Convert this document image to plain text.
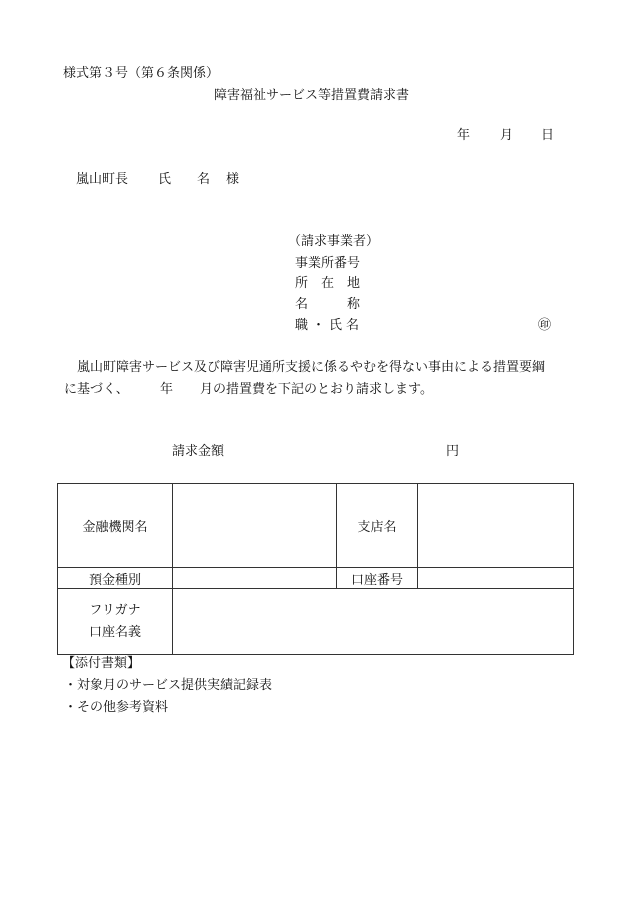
様式第３号（第６条関係）
障害福祉サービス等措置費請求書
年 月 日
嵐山町長 氏　　名 様
（請求事業者）
事業所番号
所　在　地
名　　　称
職・氏名	㊞
嵐山町障害サービス及び障害児通所支援に係るやむを得ない事由による措置要綱
に基づく、 年 月の措置費を下記のとおり請求します。
請求金額	円
金融機関名		支店名	
預金種別		口座番号	

フリガナ
口座名義			

【添付書類】
・対象月のサービス提供実績記録表
・その他参考資料
